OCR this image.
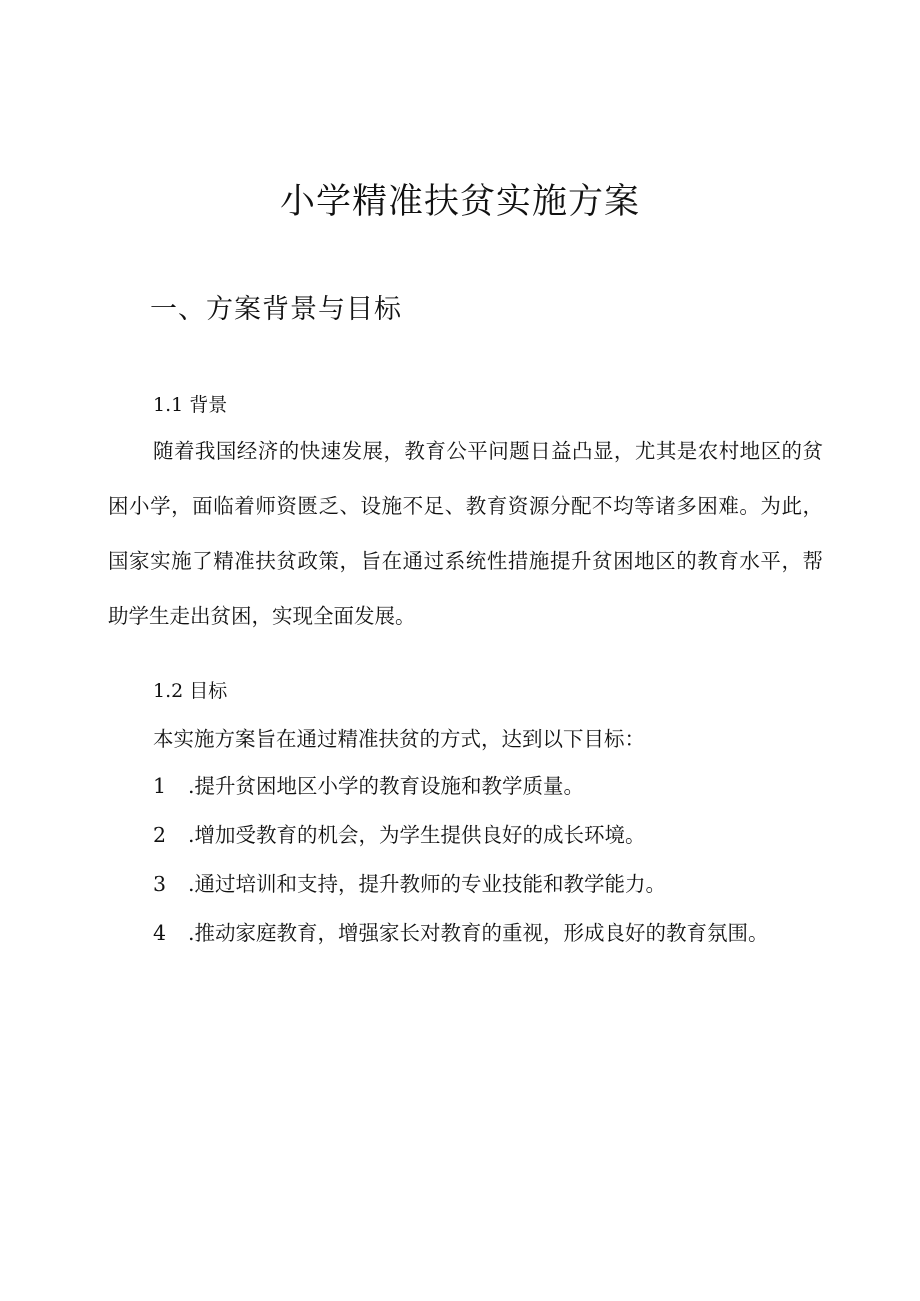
小学精准扶贫实施方案
一、方案背景与目标
1.1 背景

随着我国经济的快速发展，教育公平问题日益凸显，尤其是农村地区的贫困小学，面临着师资匮乏、设施不足、教育资源分配不均等诸多困难。为此，国家实施了精准扶贫政策，旨在通过系统性措施提升贫困地区的教育水平，帮助学生走出贫困，实现全面发展。

1.2 目标

本实施方案旨在通过精准扶贫的方式，达到以下目标：

1 .提升贫困地区小学的教育设施和教学质量。

2 .增加受教育的机会，为学生提供良好的成长环境。

3 .通过培训和支持，提升教师的专业技能和教学能力。

4 .推动家庭教育，增强家长对教育的重视，形成良好的教育氛围。
